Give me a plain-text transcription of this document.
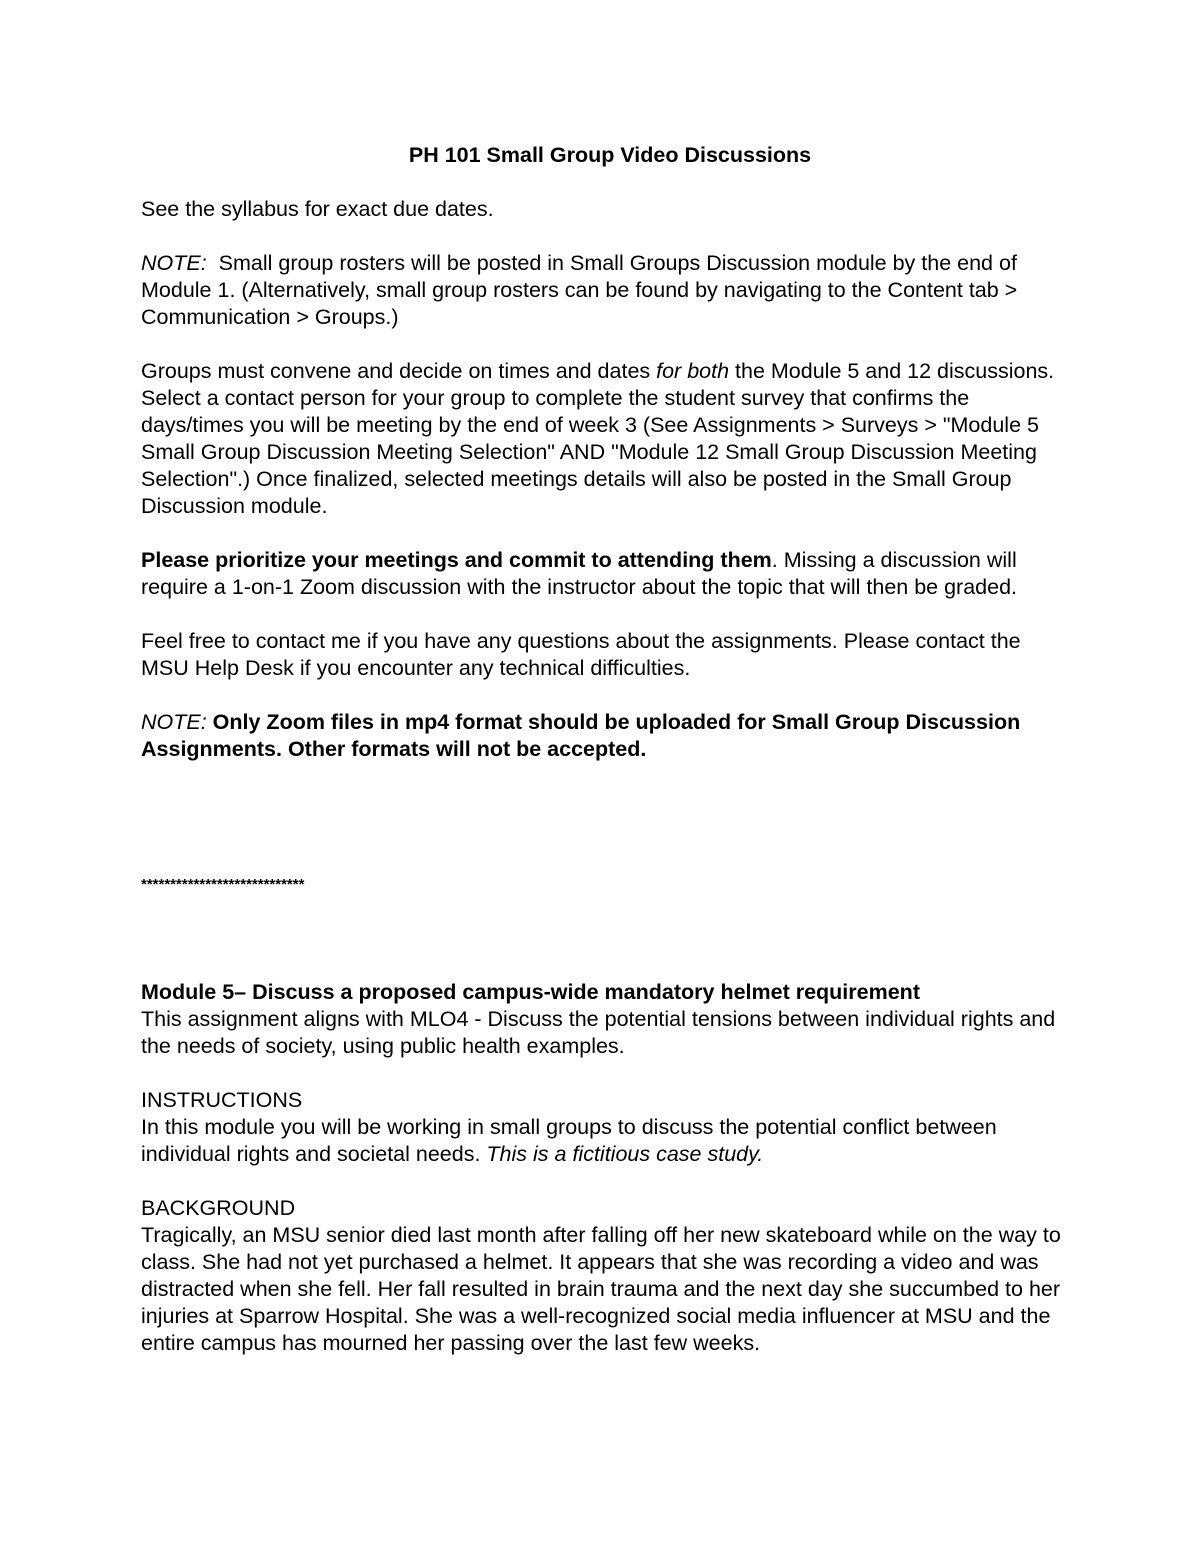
PH 101 Small Group Video Discussions

See the syllabus for exact due dates.

NOTE:  Small group rosters will be posted in Small Groups Discussion module by the end of Module 1. (Alternatively, small group rosters can be found by navigating to the Content tab > Communication > Groups.)

Groups must convene and decide on times and dates for both the Module 5 and 12 discussions. Select a contact person for your group to complete the student survey that confirms the days/times you will be meeting by the end of week 3 (See Assignments > Surveys > "Module 5 Small Group Discussion Meeting Selection" AND "Module 12 Small Group Discussion Meeting Selection".) Once finalized, selected meetings details will also be posted in the Small Group Discussion module.

Please prioritize your meetings and commit to attending them. Missing a discussion will require a 1-on-1 Zoom discussion with the instructor about the topic that will then be graded.

Feel free to contact me if you have any questions about the assignments. Please contact the MSU Help Desk if you encounter any technical difficulties.

NOTE: Only Zoom files in mp4 format should be uploaded for Small Group Discussion Assignments. Other formats will not be accepted.

****************************

Module 5– Discuss a proposed campus-wide mandatory helmet requirement
This assignment aligns with MLO4 - Discuss the potential tensions between individual rights and the needs of society, using public health examples.

INSTRUCTIONS
In this module you will be working in small groups to discuss the potential conflict between individual rights and societal needs. This is a fictitious case study.

BACKGROUND
Tragically, an MSU senior died last month after falling off her new skateboard while on the way to class. She had not yet purchased a helmet. It appears that she was recording a video and was distracted when she fell. Her fall resulted in brain trauma and the next day she succumbed to her injuries at Sparrow Hospital. She was a well-recognized social media influencer at MSU and the entire campus has mourned her passing over the last few weeks.
